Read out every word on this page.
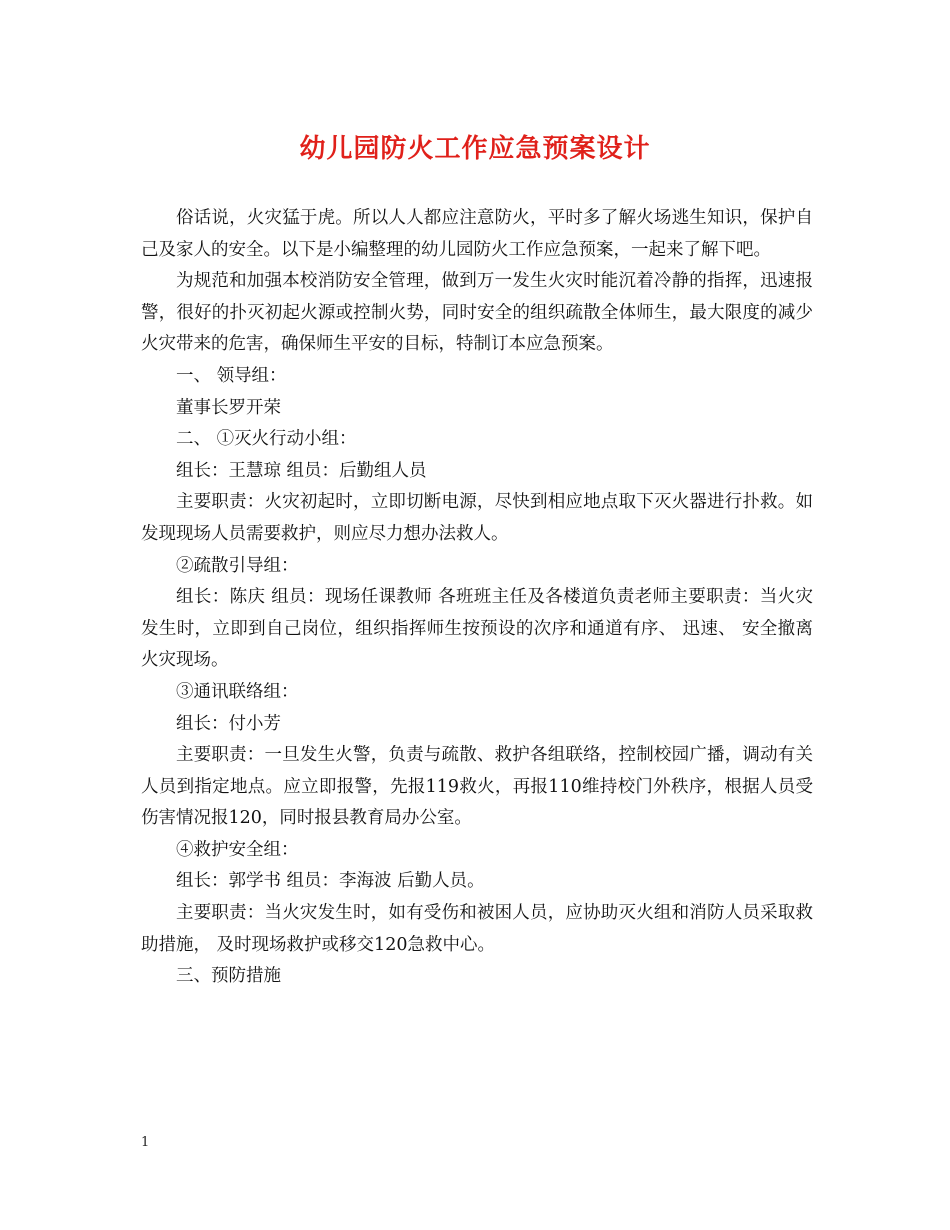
幼儿园防火工作应急预案设计

俗话说，火灾猛于虎。所以人人都应注意防火，平时多了解火场逃生知识，保护自己及家人的安全。以下是小编整理的幼儿园防火工作应急预案，一起来了解下吧。

为规范和加强本校消防安全管理，做到万一发生火灾时能沉着冷静的指挥，迅速报警，很好的扑灭初起火源或控制火势，同时安全的组织疏散全体师生，最大限度的减少火灾带来的危害，确保师生平安的目标，特制订本应急预案。

一、 领导组：

董事长罗开荣

二、 ①灭火行动小组：

组长：王慧琼 组员：后勤组人员

主要职责：火灾初起时，立即切断电源，尽快到相应地点取下灭火器进行扑救。如发现现场人员需要救护，则应尽力想办法救人。

②疏散引导组：

组长：陈庆 组员：现场任课教师 各班班主任及各楼道负责老师主要职责：当火灾发生时，立即到自己岗位，组织指挥师生按预设的次序和通道有序、 迅速、 安全撤离火灾现场。

③通讯联络组：

组长：付小芳

主要职责：一旦发生火警，负责与疏散、救护各组联络，控制校园广播，调动有关人员到指定地点。应立即报警，先报119救火，再报110维持校门外秩序，根据人员受伤害情况报120，同时报县教育局办公室。

④救护安全组：

组长：郭学书 组员：李海波 后勤人员。

主要职责：当火灾发生时，如有受伤和被困人员，应协助灭火组和消防人员采取救助措施， 及时现场救护或移交120急救中心。

三、预防措施

1
